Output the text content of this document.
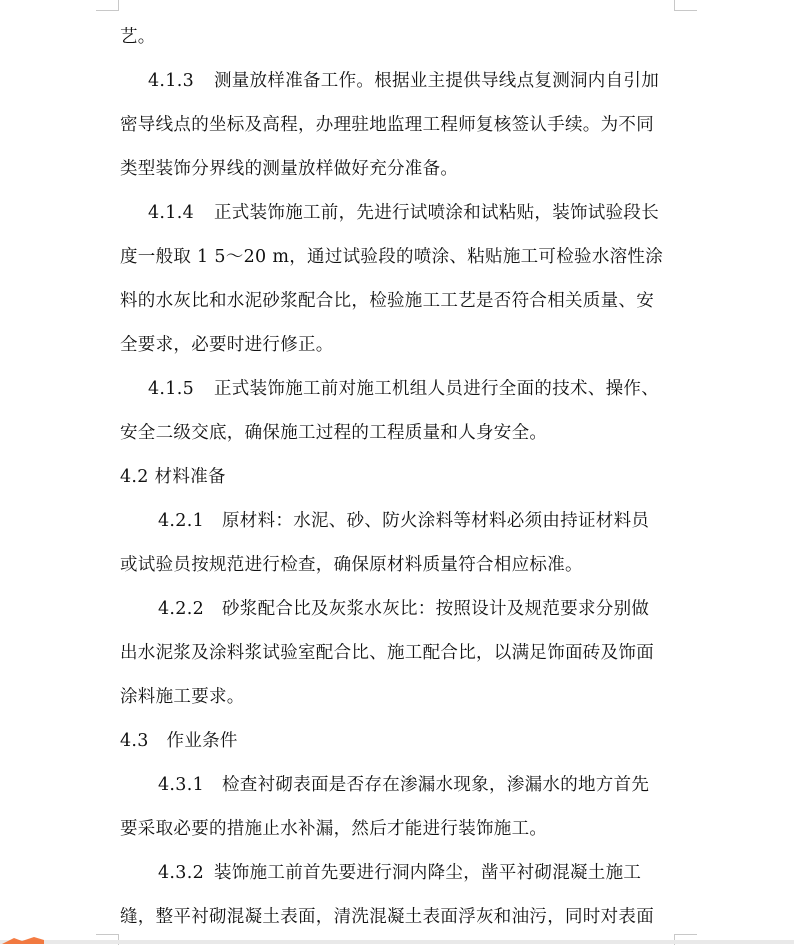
艺。
4.1.3 测量放样准备工作。根据业主提供导线点复测洞内自引加
密导线点的坐标及高程，办理驻地监理工程师复核签认手续。为不同
类型装饰分界线的测量放样做好充分准备。
4.1.4 正式装饰施工前，先进行试喷涂和试粘贴，装饰试验段长
度一般取 1 5～20 m，通过试验段的喷涂、粘贴施工可检验水溶性涂
料的水灰比和水泥砂浆配合比，检验施工工艺是否符合相关质量、安
全要求，必要时进行修正。
4.1.5 正式装饰施工前对施工机组人员进行全面的技术、操作、
安全二级交底，确保施工过程的工程质量和人身安全。
4.2 材料准备
4.2.1 原材料：水泥、砂、防火涂料等材料必须由持证材料员
或试验员按规范进行检查，确保原材料质量符合相应标准。
4.2.2 砂浆配合比及灰浆水灰比：按照设计及规范要求分别做
出水泥浆及涂料浆试验室配合比、施工配合比，以满足饰面砖及饰面
涂料施工要求。
4.3　作业条件
4.3.1 检查衬砌表面是否存在渗漏水现象，渗漏水的地方首先
要采取必要的措施止水补漏，然后才能进行装饰施工。
4.3.2 装饰施工前首先要进行洞内降尘，凿平衬砌混凝土施工
缝，整平衬砌混凝土表面，清洗混凝土表面浮灰和油污，同时对表面
